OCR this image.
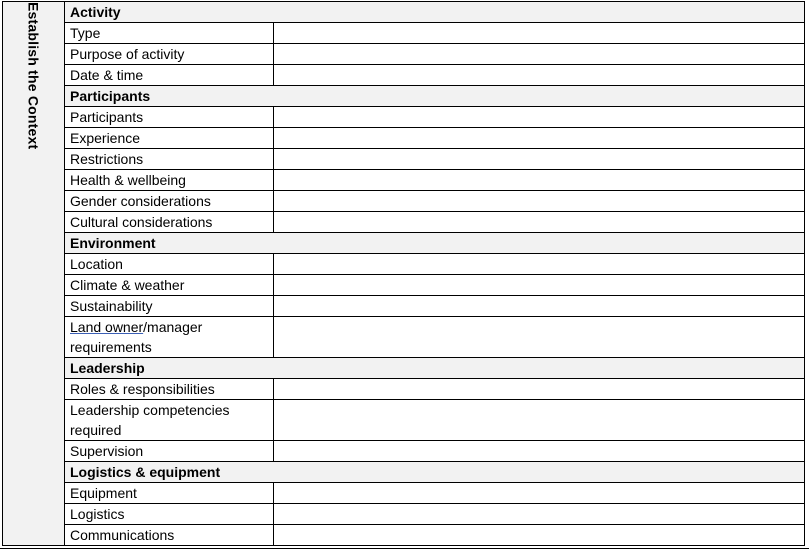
Establish the Context	Activity	
	Type	
	Purpose of activity	
	Date & time	
	Participants	
	Participants	
	Experience	
	Restrictions	
	Health & wellbeing	
	Gender considerations	
	Cultural considerations	
	Environment	
	Location	
	Climate & weather	
	Sustainability	
	Land owner/manager requirements	
	Leadership	
	Roles & responsibilities	
	Leadership competencies required	
	Supervision	
	Logistics & equipment	
	Equipment	
	Logistics	
	Communications	
